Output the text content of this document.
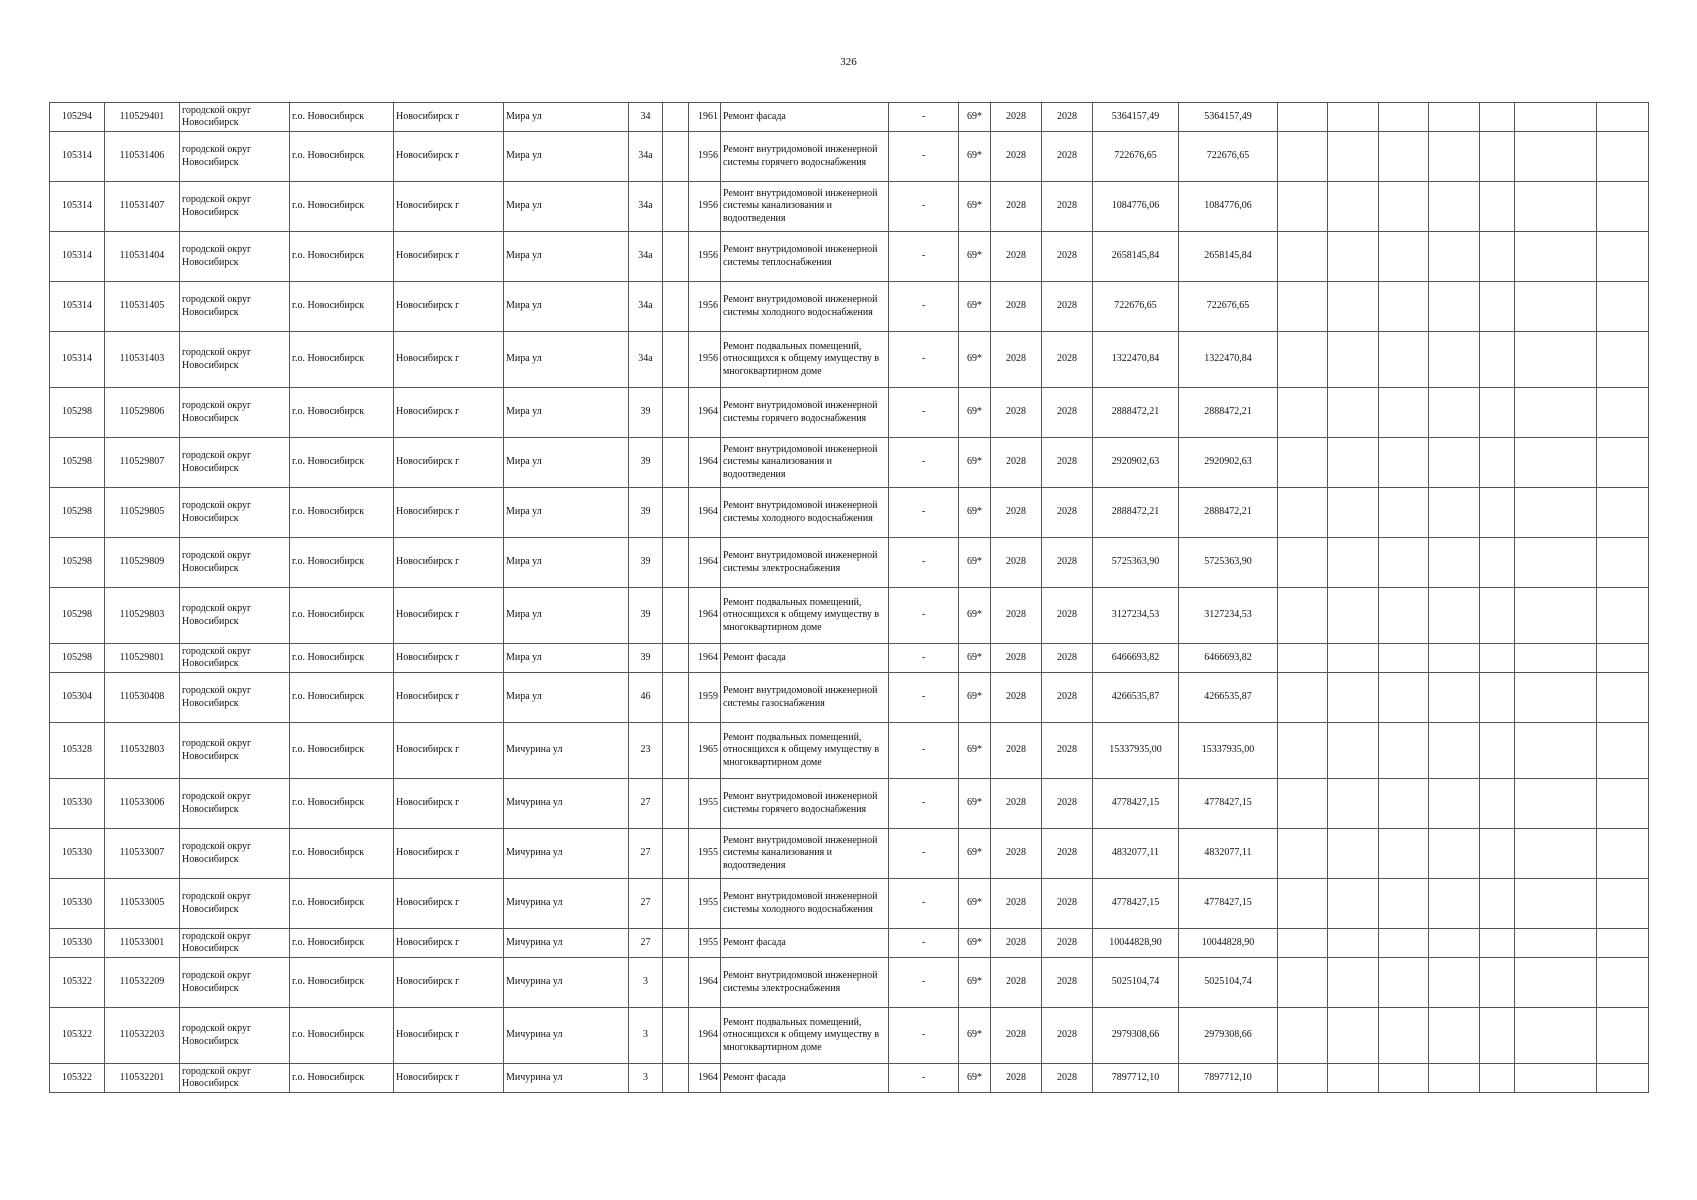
326
105294	110529401	городской округ Новосибирск	г.о. Новосибирск	Новосибирск г	Мира ул	34		1961	Ремонт фасада	-	69*	2028	2028	5364157,49	5364157,49							
105314	110531406	городской округ Новосибирск	г.о. Новосибирск	Новосибирск г	Мира ул	34а		1956	Ремонт внутридомовой инженерной системы горячего водоснабжения	-	69*	2028	2028	722676,65	722676,65							
105314	110531407	городской округ Новосибирск	г.о. Новосибирск	Новосибирск г	Мира ул	34а		1956	Ремонт внутридомовой инженерной системы канализования и водоотведения	-	69*	2028	2028	1084776,06	1084776,06							
105314	110531404	городской округ Новосибирск	г.о. Новосибирск	Новосибирск г	Мира ул	34а		1956	Ремонт внутридомовой инженерной системы теплоснабжения	-	69*	2028	2028	2658145,84	2658145,84							
105314	110531405	городской округ Новосибирск	г.о. Новосибирск	Новосибирск г	Мира ул	34а		1956	Ремонт внутридомовой инженерной системы холодного водоснабжения	-	69*	2028	2028	722676,65	722676,65							
105314	110531403	городской округ Новосибирск	г.о. Новосибирск	Новосибирск г	Мира ул	34а		1956	Ремонт подвальных помещений, относящихся к общему имуществу в многоквартирном доме	-	69*	2028	2028	1322470,84	1322470,84							
105298	110529806	городской округ Новосибирск	г.о. Новосибирск	Новосибирск г	Мира ул	39		1964	Ремонт внутридомовой инженерной системы горячего водоснабжения	-	69*	2028	2028	2888472,21	2888472,21							
105298	110529807	городской округ Новосибирск	г.о. Новосибирск	Новосибирск г	Мира ул	39		1964	Ремонт внутридомовой инженерной системы канализования и водоотведения	-	69*	2028	2028	2920902,63	2920902,63							
105298	110529805	городской округ Новосибирск	г.о. Новосибирск	Новосибирск г	Мира ул	39		1964	Ремонт внутридомовой инженерной системы холодного водоснабжения	-	69*	2028	2028	2888472,21	2888472,21							
105298	110529809	городской округ Новосибирск	г.о. Новосибирск	Новосибирск г	Мира ул	39		1964	Ремонт внутридомовой инженерной системы электроснабжения	-	69*	2028	2028	5725363,90	5725363,90							
105298	110529803	городской округ Новосибирск	г.о. Новосибирск	Новосибирск г	Мира ул	39		1964	Ремонт подвальных помещений, относящихся к общему имуществу в многоквартирном доме	-	69*	2028	2028	3127234,53	3127234,53							
105298	110529801	городской округ Новосибирск	г.о. Новосибирск	Новосибирск г	Мира ул	39		1964	Ремонт фасада	-	69*	2028	2028	6466693,82	6466693,82							
105304	110530408	городской округ Новосибирск	г.о. Новосибирск	Новосибирск г	Мира ул	46		1959	Ремонт внутридомовой инженерной системы газоснабжения	-	69*	2028	2028	4266535,87	4266535,87							
105328	110532803	городской округ Новосибирск	г.о. Новосибирск	Новосибирск г	Мичурина ул	23		1965	Ремонт подвальных помещений, относящихся к общему имуществу в многоквартирном доме	-	69*	2028	2028	15337935,00	15337935,00							
105330	110533006	городской округ Новосибирск	г.о. Новосибирск	Новосибирск г	Мичурина ул	27		1955	Ремонт внутридомовой инженерной системы горячего водоснабжения	-	69*	2028	2028	4778427,15	4778427,15							
105330	110533007	городской округ Новосибирск	г.о. Новосибирск	Новосибирск г	Мичурина ул	27		1955	Ремонт внутридомовой инженерной системы канализования и водоотведения	-	69*	2028	2028	4832077,11	4832077,11							
105330	110533005	городской округ Новосибирск	г.о. Новосибирск	Новосибирск г	Мичурина ул	27		1955	Ремонт внутридомовой инженерной системы холодного водоснабжения	-	69*	2028	2028	4778427,15	4778427,15							
105330	110533001	городской округ Новосибирск	г.о. Новосибирск	Новосибирск г	Мичурина ул	27		1955	Ремонт фасада	-	69*	2028	2028	10044828,90	10044828,90							
105322	110532209	городской округ Новосибирск	г.о. Новосибирск	Новосибирск г	Мичурина ул	3		1964	Ремонт внутридомовой инженерной системы электроснабжения	-	69*	2028	2028	5025104,74	5025104,74							
105322	110532203	городской округ Новосибирск	г.о. Новосибирск	Новосибирск г	Мичурина ул	3		1964	Ремонт подвальных помещений, относящихся к общему имуществу в многоквартирном доме	-	69*	2028	2028	2979308,66	2979308,66							
105322	110532201	городской округ Новосибирск	г.о. Новосибирск	Новосибирск г	Мичурина ул	3		1964	Ремонт фасада	-	69*	2028	2028	7897712,10	7897712,10							
